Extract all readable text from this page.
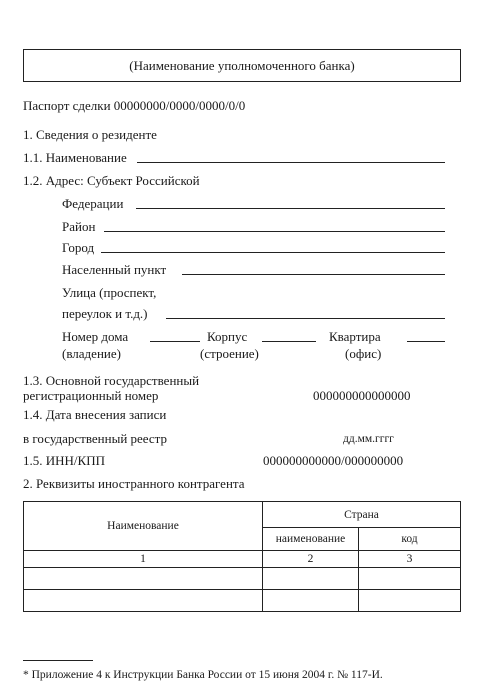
(Наименование уполномоченного банка)
Паспорт сделки 00000000/0000/0000/0/0
1. Сведения о резиденте
1.1. Наименование
1.2. Адрес: Субъект Российской
Федерации
Район
Город
Населенный пункт
Улица (проспект,
переулок и т.д.)
Номер дома
(владение)
Корпус
(строение)
Квартира
(офис)
1.3. Основной государственный
регистрационный номер	000000000000000
1.4. Дата внесения записи
в государственный реестр	дд.мм.гггг
1.5. ИНН/КПП	000000000000/000000000
2. Реквизиты иностранного контрагента
Наименование	Страна	
	наименование	код
1	2	3

* Приложение 4 к Инструкции Банка России от 15 июня 2004 г. № 117-И.
